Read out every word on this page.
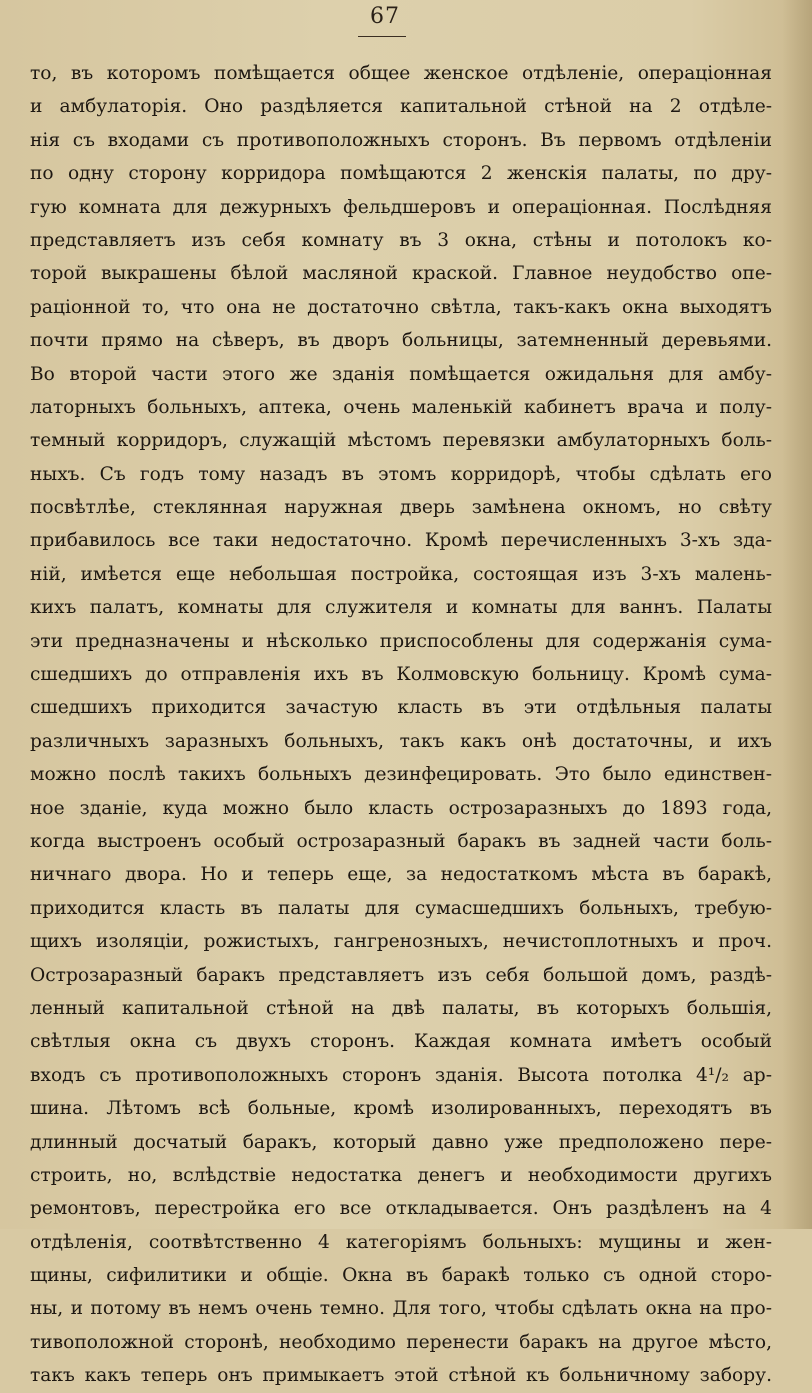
67
то, въ которомъ помѣщается общее женское отдѣленіе, операціонная
и амбулаторія. Оно раздѣляется капитальной стѣной на 2 отдѣле-
нія съ входами съ противоположныхъ сторонъ. Въ первомъ отдѣленіи
по одну сторону корридора помѣщаются 2 женскія палаты, по дру-
гую комната для дежурныхъ фельдшеровъ и операціонная. Послѣдняя
представляетъ изъ себя комнату въ 3 окна, стѣны и потолокъ ко-
торой выкрашены бѣлой масляной краской. Главное неудобство опе-
раціонной то, что она не достаточно свѣтла, такъ-какъ окна выходятъ
почти прямо на сѣверъ, въ дворъ больницы, затемненный деревьями.
Во второй части этого же зданія помѣщается ожидальня для амбу-
латорныхъ больныхъ, аптека, очень маленькій кабинетъ врача и полу-
темный корридоръ, служащій мѣстомъ перевязки амбулаторныхъ боль-
ныхъ. Съ годъ тому назадъ въ этомъ корридорѣ, чтобы сдѣлать его
посвѣтлѣе, стеклянная наружная дверь замѣнена окномъ, но свѣту
прибавилось все таки недостаточно. Кромѣ перечисленныхъ 3-хъ зда-
ній, имѣется еще небольшая постройка, состоящая изъ 3-хъ малень-
кихъ палатъ, комнаты для служителя и комнаты для ваннъ. Палаты
эти предназначены и нѣсколько приспособлены для содержанія сума-
сшедшихъ до отправленія ихъ въ Колмовскую больницу. Кромѣ сума-
сшедшихъ приходится зачастую класть въ эти отдѣльныя палаты
различныхъ заразныхъ больныхъ, такъ какъ онѣ достаточны, и ихъ
можно послѣ такихъ больныхъ дезинфецировать. Это было единствен-
ное зданіе, куда можно было класть острозаразныхъ до 1893 года,
когда выстроенъ особый острозаразный баракъ въ задней части боль-
ничнаго двора. Но и теперь еще, за недостаткомъ мѣста въ баракѣ,
приходится класть въ палаты для сумасшедшихъ больныхъ, требую-
щихъ изоляціи, рожистыхъ, гангренозныхъ, нечистоплотныхъ и проч.
Острозаразный баракъ представляетъ изъ себя большой домъ, раздѣ-
ленный капитальной стѣной на двѣ палаты, въ которыхъ большія,
свѣтлыя окна съ двухъ сторонъ. Каждая комната имѣетъ особый
входъ съ противоположныхъ сторонъ зданія. Высота потолка 4¹/₂ ар-
шина. Лѣтомъ всѣ больные, кромѣ изолированныхъ, переходятъ въ
длинный досчатый баракъ, который давно уже предположено пере-
строить, но, вслѣдствіе недостатка денегъ и необходимости другихъ
ремонтовъ, перестройка его все откладывается. Онъ раздѣленъ на 4
отдѣленія, соотвѣтственно 4 категоріямъ больныхъ: мущины и жен-
щины, сифилитики и общіе. Окна въ баракѣ только съ одной сторо-
ны, и потому въ немъ очень темно. Для того, чтобы сдѣлать окна на про-
тивоположной сторонѣ, необходимо перенести баракъ на другое мѣсто,
такъ какъ теперь онъ примыкаетъ этой стѣной къ больничному забору.
